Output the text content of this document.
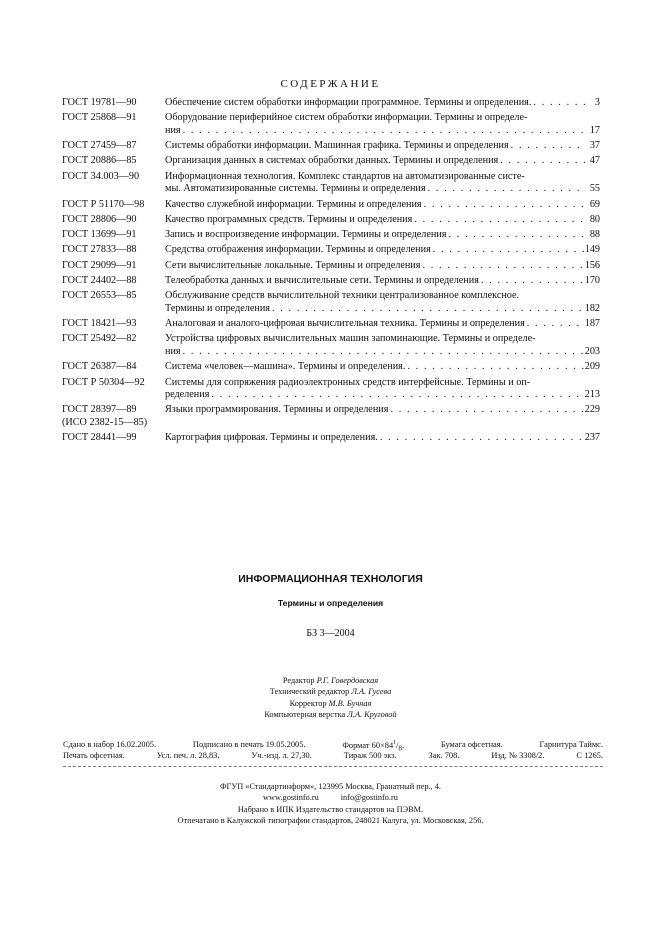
СОДЕРЖАНИЕ
ГОСТ 19781—90	Обеспечение систем обработки информации программное. Термины и определения. . . .	3
ГОСТ 25868—91	Оборудование периферийное систем обработки информации. Термины и определе-
ния . . .	17
ГОСТ 27459—87	Системы обработки информации. Машинная графика. Термины и определения . . .	37
ГОСТ 20886—85	Организация данных в системах обработки данных. Термины и определения . . .	47
ГОСТ 34.003—90	Информационная технология. Комплекс стандартов на автоматизированные систе-
мы. Автоматизированные системы. Термины и определения . . .	55
ГОСТ Р 51170—98	Качество служебной информации. Термины и определения . . .	69
ГОСТ 28806—90	Качество программных средств. Термины и определения . . .	80
ГОСТ 13699—91	Запись и воспроизведение информации. Термины и определения . . .	88
ГОСТ 27833—88	Средства отображения информации. Термины и определения . . .	149
ГОСТ 29099—91	Сети вычислительные локальные. Термины и определения . . .	156
ГОСТ 24402—88	Телеобработка данных и вычислительные сети. Термины и определения . . .	170
ГОСТ 26553—85	Обслуживание средств вычислительной техники централизованное комплексное.
Термины и определения . . .	182
ГОСТ 18421—93	Аналоговая и аналого-цифровая вычислительная техника. Термины и определения . . .	187
ГОСТ 25492—82	Устройства цифровых вычислительных машин запоминающие. Термины и определе-
ния . . .	203
ГОСТ 26387—84	Система «человек—машина». Термины и определения. . . .	209
ГОСТ Р 50304—92	Системы для сопряжения радиоэлектронных средств интерфейсные. Термины и оп-
ределения . . .	213
ГОСТ 28397—89
(ИСО 2382-15—85)
Языки программирования. Термины и определения . . .	229
ГОСТ 28441—99	Картография цифровая. Термины и определения. . . .	237
ИНФОРМАЦИОННАЯ ТЕХНОЛОГИЯ
Термины и определения
БЗ 3—2004
Редактор Р.Г. Говердовская
Технический редактор Л.А. Гусева
Корректор М.В. Бучная
Компьютерная верстка Л.А. Круговой
Сдано в набор 16.02.2005.	Подписано в печать 19.05.2005.	Формат $60\times 84^1/_8$.	Бумага офсетная.	Гарнитура Таймс.
Печать офсетная.	Усл. печ. л. 28,83.	Уч.-изд. л. 27,30.	Тираж 500 экз.	Зак. 708.	Изд. № 3308/2.	С 1265.
ФГУП «Стандартинформ», 123995 Москва, Гранатный пер., 4.
www.gostinfo.ru	info@gostinfo.ru
Набрано в ИПК Издательство стандартов на ПЭВМ.
Отпечатано в Калужской типографии стандартов, 248021 Калуга, ул. Московская, 256.
